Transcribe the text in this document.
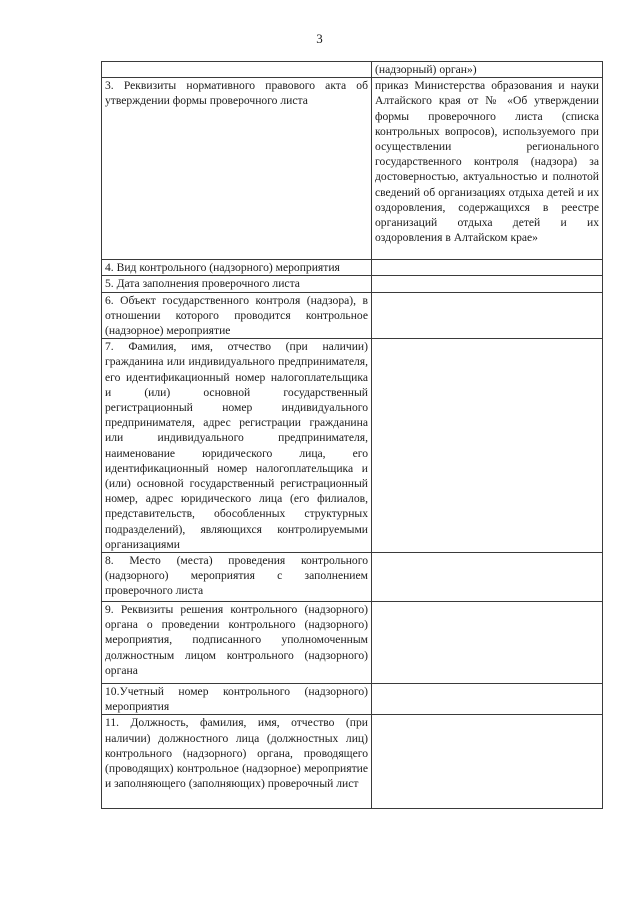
3

	(надзорный) орган»)

3. Реквизиты нормативного правового акта об утверждении формы проверочного листа	приказ Министерства образования и науки Алтайского края от № «Об утверждении формы проверочного листа (списка контрольных вопросов), используемого при осуществлении регионального государственного контроля (надзора) за достоверностью, актуальностью и полнотой сведений об организациях отдыха детей и их оздоровления, содержащихся в реестре организаций отдыха детей и их оздоровления в Алтайском крае»

4. Вид контрольного (надзорного) мероприятия	

5. Дата заполнения проверочного листа	

6. Объект государственного контроля (надзора), в отношении которого проводится контрольное (надзорное) мероприятие	

7. Фамилия, имя, отчество (при наличии) гражданина или индивидуального предпринимателя, его идентификационный номер налогоплательщика и (или) основной государственный регистрационный номер индивидуального предпринимателя, адрес регистрации гражданина или индивидуального предпринимателя, наименование юридического лица, его идентификационный номер налогоплательщика и (или) основной государственный регистрационный номер, адрес юридического лица (его филиалов, представительств, обособленных структурных подразделений), являющихся контролируемыми организациями	

8. Место (места) проведения контрольного (надзорного) мероприятия с заполнением проверочного листа	

9. Реквизиты решения контрольного (надзорного) органа о проведении контрольного (надзорного) мероприятия, подписанного уполномоченным должностным лицом контрольного (надзорного) органа	

10.Учетный номер контрольного (надзорного) мероприятия	

11. Должность, фамилия, имя, отчество (при наличии) должностного лица (должностных лиц) контрольного (надзорного) органа, проводящего (проводящих) контрольное (надзорное) мероприятие и заполняющего (заполняющих) проверочный лист	
